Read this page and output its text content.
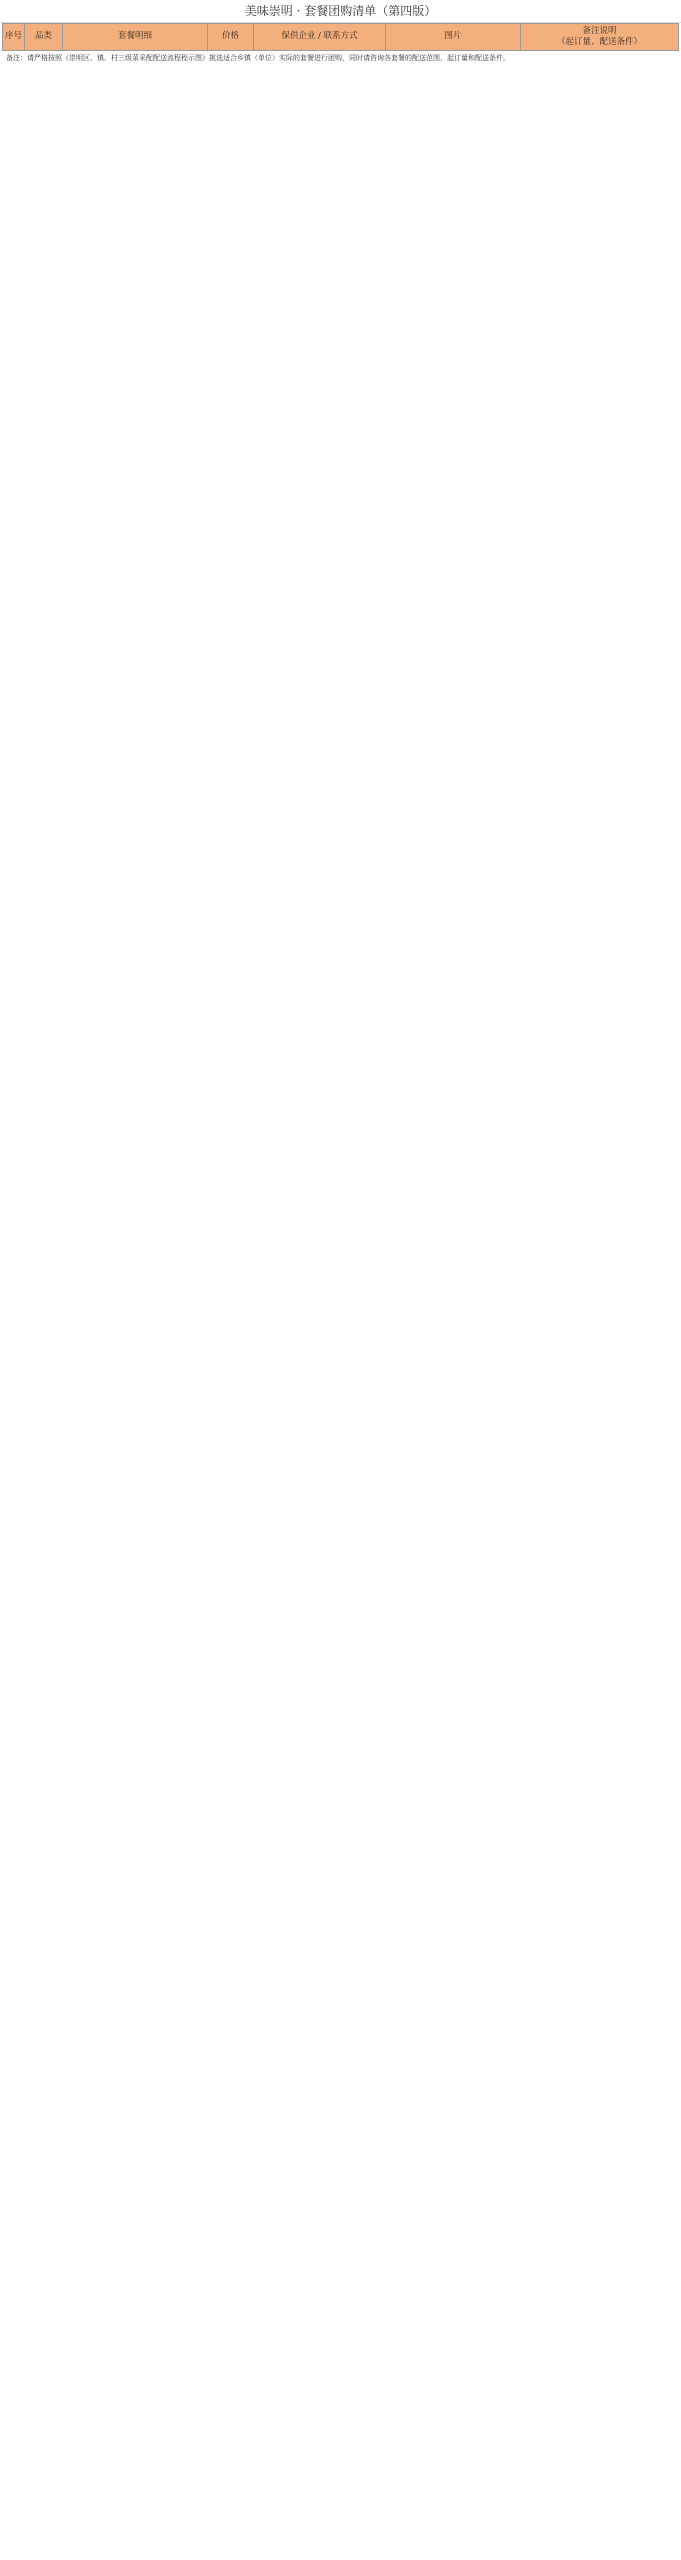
美味崇明 · 套餐团购清单（第四版）
序号	品类	套餐明细	价格	保供企业 / 联系方式	图片	备注说明
（起订量、配送条件）
备注：请严格按照《崇明区、镇、村三级菜采配配送流程程示图》挑选适合乡镇（单位）实际的套餐进行团购，同时请咨询各套餐的配送范围，起订量和配送条件。
